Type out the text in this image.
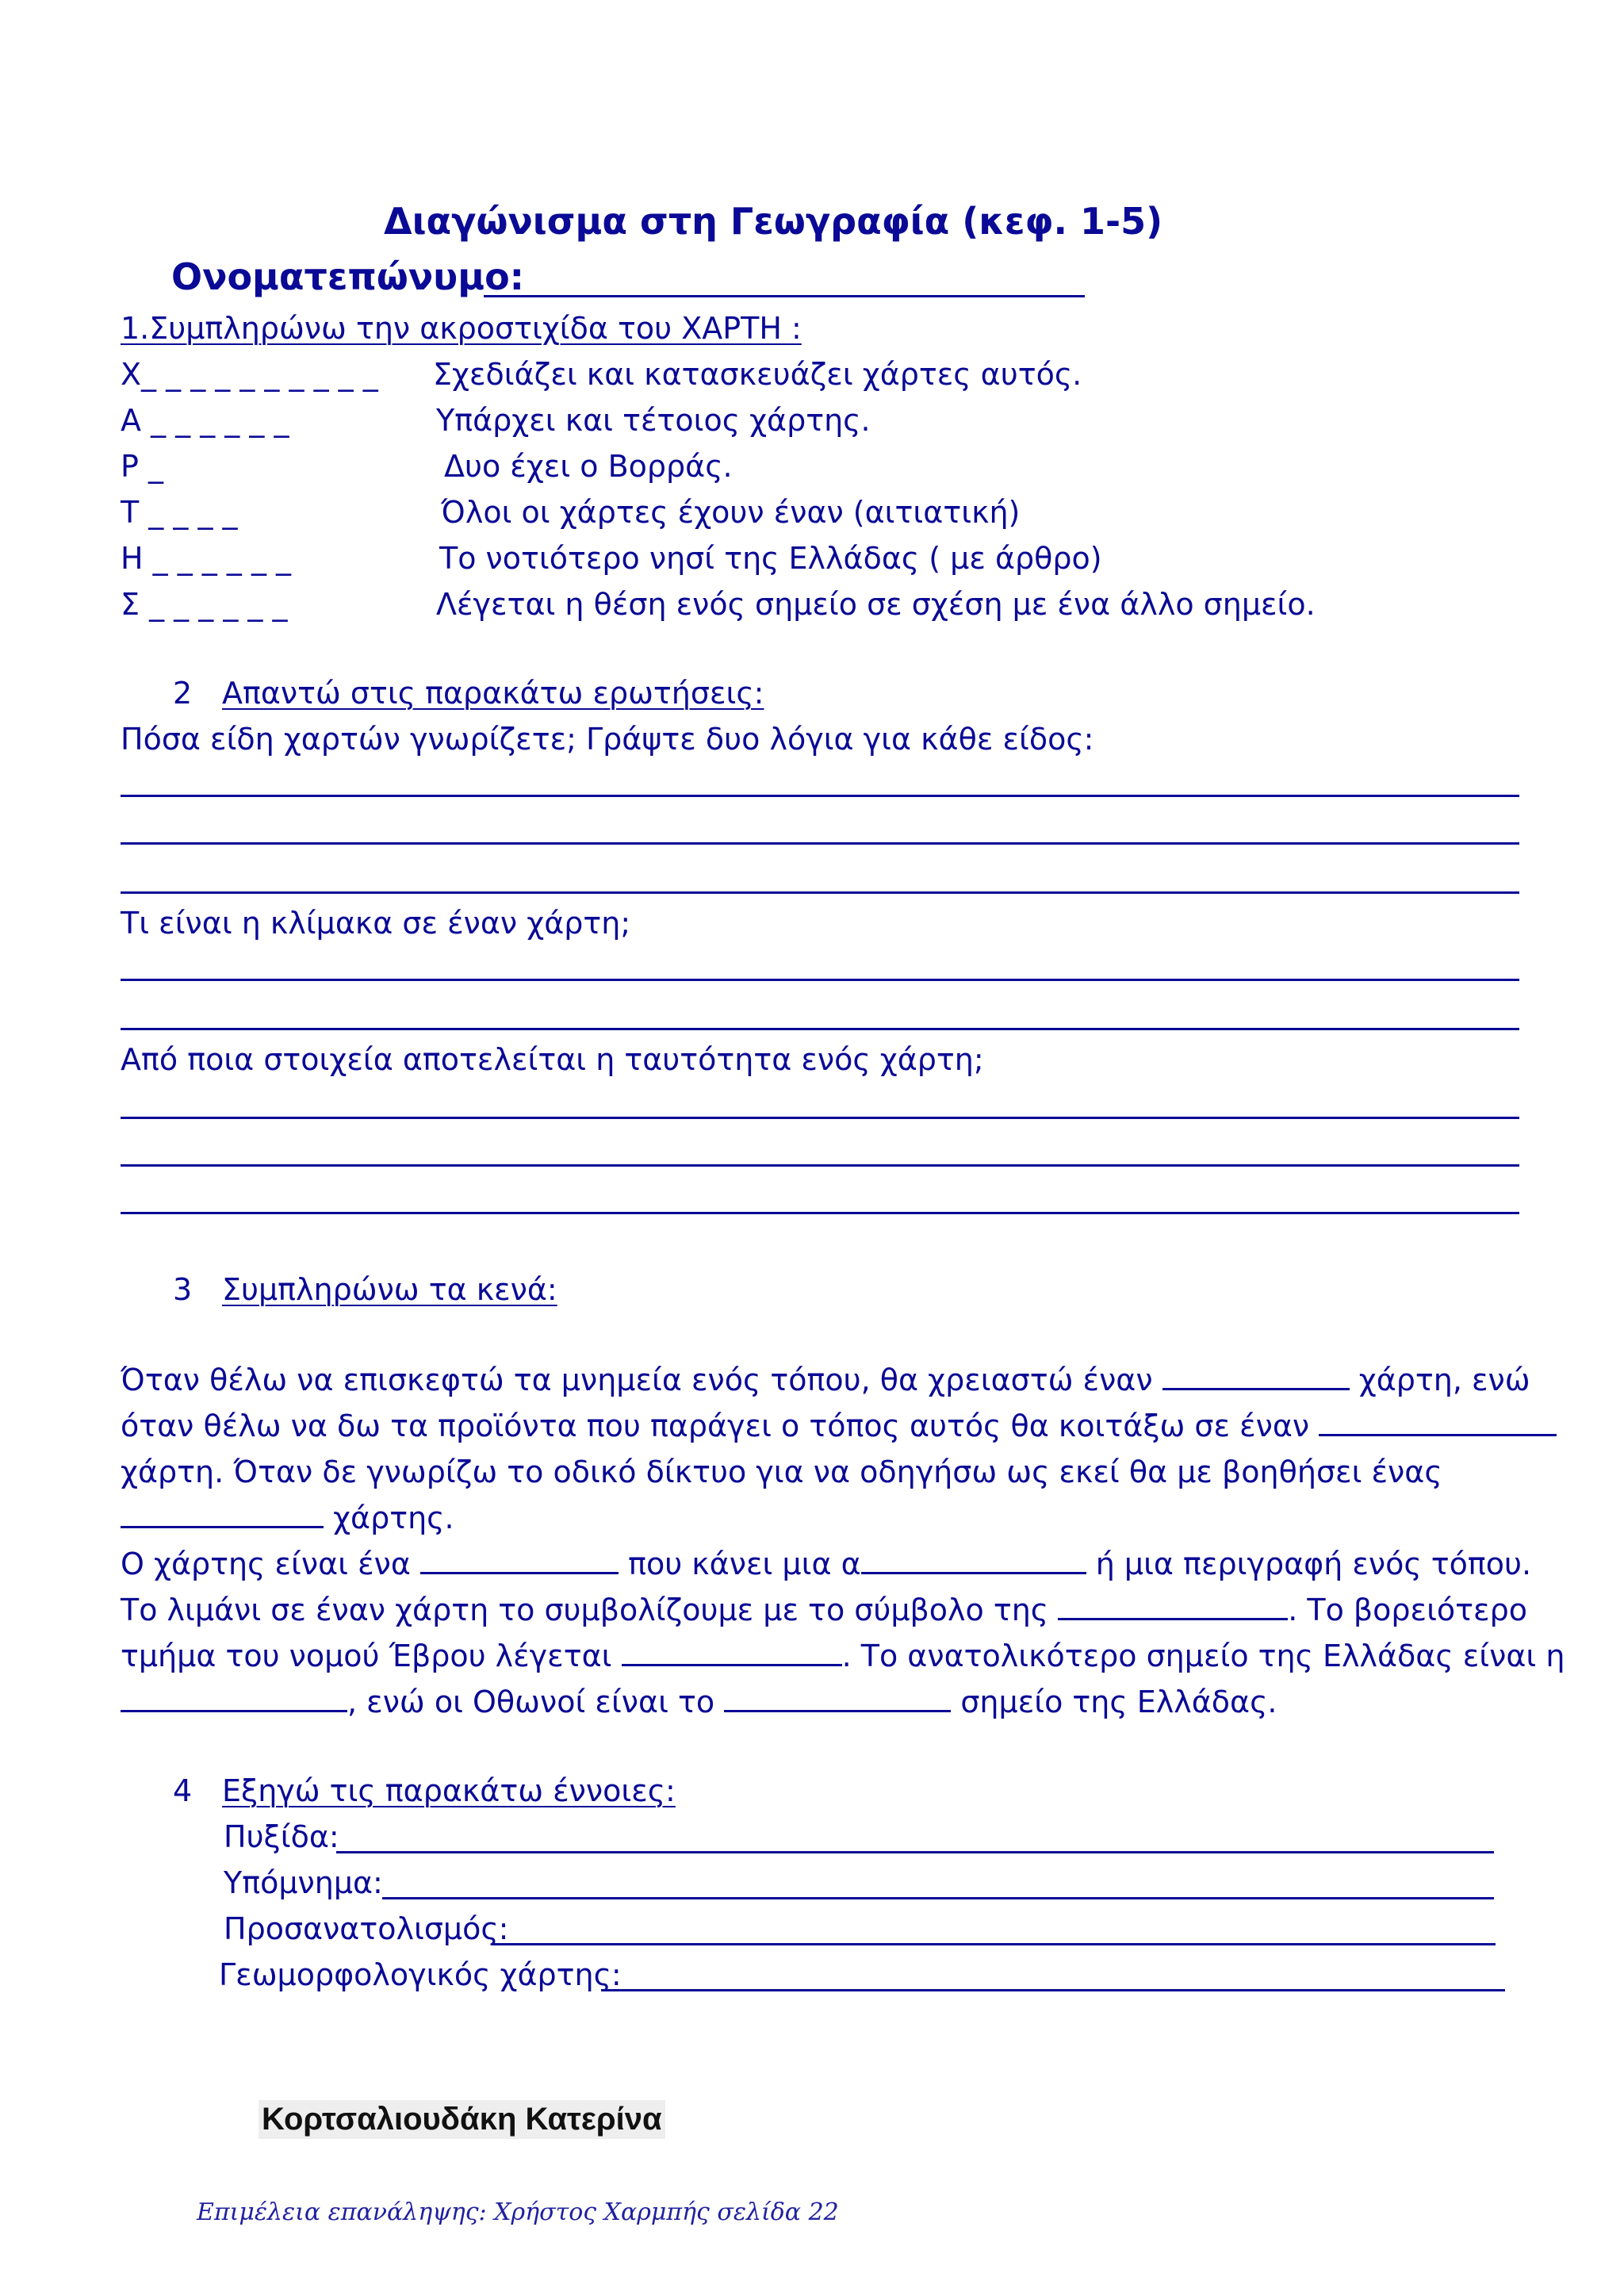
Διαγώνισμα στη Γεωγραφία (κεφ. 1-5)
Ονοματεπώνυμο:
1.Συμπληρώνω την ακροστιχίδα του ΧΑΡΤΗ :
Χ_ _ _ _ _ _ _ _ _ _ Σχεδιάζει και κατασκευάζει χάρτες αυτός.
Α _ _ _ _ _ _	Υπάρχει και τέτοιος χάρτης.
Ρ _	Δυο έχει ο Βορράς.
Τ _ _ _ _	Όλοι οι χάρτες έχουν έναν (αιτιατική)
Η _ _ _ _ _ _	Το νοτιότερο νησί της Ελλάδας ( με άρθρο)
Σ _ _ _ _ _ _	Λέγεται η θέση ενός σημείο σε σχέση με ένα άλλο σημείο.
2 Απαντώ στις παρακάτω ερωτήσεις:
Πόσα είδη χαρτών γνωρίζετε; Γράψτε δυο λόγια για κάθε είδος:
Τι είναι η κλίμακα σε έναν χάρτη;
Από ποια στοιχεία αποτελείται η ταυτότητα ενός χάρτη;
3 Συμπληρώνω τα κενά:
Όταν θέλω να επισκεφτώ τα μνημεία ενός τόπου, θα χρειαστώ έναν	χάρτη, ενώ
όταν θέλω να δω τα προϊόντα που παράγει ο τόπος αυτός θα κοιτάξω σε έναν
χάρτη. Όταν δε γνωρίζω το οδικό δίκτυο για να οδηγήσω ως εκεί θα με βοηθήσει ένας
χάρτης.
Ο χάρτης είναι ένα	που κάνει μια α	ή μια περιγραφή ενός τόπου.
Το λιμάνι σε έναν χάρτη το συμβολίζουμε με το σύμβολο της	. Το βορειότερο
τμήμα του νομού Έβρου λέγεται	. Το ανατολικότερο σημείο της Ελλάδας είναι η
, ενώ οι Οθωνοί είναι το	σημείο της Ελλάδας.
4 Εξηγώ τις παρακάτω έννοιες:
Πυξίδα:
Υπόμνημα:
Προσανατολισμός:
Γεωμορφολογικός χάρτης:
Κορτσαλιουδάκη Κατερίνα
Επιμέλεια επανάληψης: Χρήστος Χαρμπής σελίδα 22
